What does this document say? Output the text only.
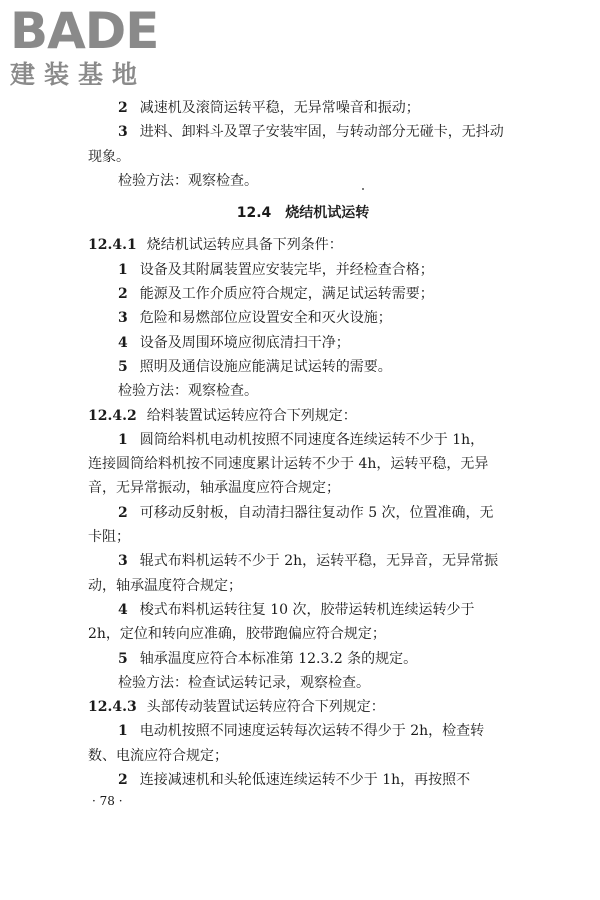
BADE
建装基地
2 减速机及滚筒运转平稳，无异常噪音和振动；
3 进料、卸料斗及罩子安装牢固，与转动部分无碰卡，无抖动
现象。
检验方法：观察检查。
12.4 烧结机试运转
12.4.1 烧结机试运转应具备下列条件：
1 设备及其附属装置应安装完毕，并经检查合格；
2 能源及工作介质应符合规定，满足试运转需要；
3 危险和易燃部位应设置安全和灭火设施；
4 设备及周围环境应彻底清扫干净；
5 照明及通信设施应能满足试运转的需要。
检验方法：观察检查。
12.4.2 给料装置试运转应符合下列规定：
1 圆筒给料机电动机按照不同速度各连续运转不少于 1h，
连接圆筒给料机按不同速度累计运转不少于 4h，运转平稳，无异
音，无异常振动，轴承温度应符合规定；
2 可移动反射板，自动清扫器往复动作 5 次，位置准确，无
卡阻；
3 辊式布料机运转不少于 2h，运转平稳，无异音，无异常振
动，轴承温度符合规定；
4 梭式布料机运转往复 10 次，胶带运转机连续运转少于
2h，定位和转向应准确，胶带跑偏应符合规定；
5 轴承温度应符合本标准第 12.3.2 条的规定。
检验方法：检查试运转记录，观察检查。
12.4.3 头部传动装置试运转应符合下列规定：
1 电动机按照不同速度运转每次运转不得少于 2h，检查转
数、电流应符合规定；
2 连接减速机和头轮低速连续运转不少于 1h，再按照不
· 78 ·
